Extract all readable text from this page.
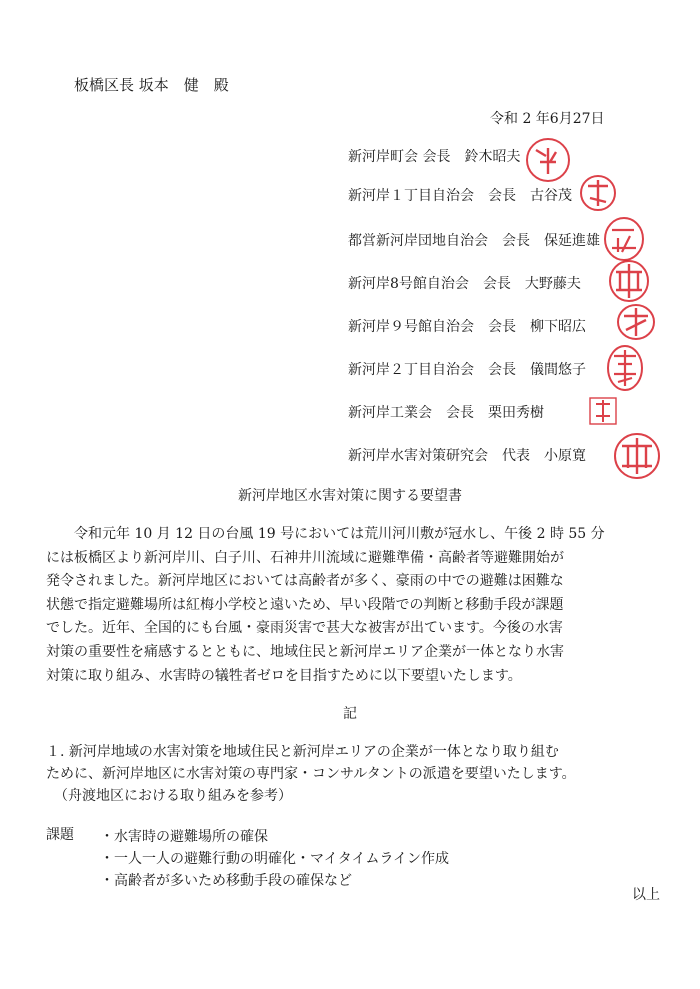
板橋区長 坂本　健　殿
令和 2 年6月27日
新河岸町会 会長　鈴木昭夫
新河岸１丁目自治会　会長　古谷茂
都営新河岸団地自治会　会長　保延進雄
新河岸8号館自治会　会長　大野藤夫
新河岸９号館自治会　会長　柳下昭広
新河岸２丁目自治会　会長　儀間悠子
新河岸工業会　会長　栗田秀樹
新河岸水害対策研究会　代表　小原寛
新河岸地区水害対策に関する要望書
令和元年 10 月 12 日の台風 19 号においては荒川河川敷が冠水し、午後 2 時 55 分
には板橋区より新河岸川、白子川、石神井川流域に避難準備・高齢者等避難開始が
発令されました。新河岸地区においては高齢者が多く、豪雨の中での避難は困難な
状態で指定避難場所は紅梅小学校と遠いため、早い段階での判断と移動手段が課題
でした。近年、全国的にも台風・豪雨災害で甚大な被害が出ています。今後の水害
対策の重要性を痛感するとともに、地域住民と新河岸エリア企業が一体となり水害
対策に取り組み、水害時の犠牲者ゼロを目指すために以下要望いたします。
記
１. 新河岸地域の水害対策を地域住民と新河岸エリアの企業が一体となり取り組む
ために、新河岸地区に水害対策の専門家・コンサルタントの派遣を要望いたします。
（舟渡地区における取り組みを参考）
課題 ・水害時の避難場所の確保
・一人一人の避難行動の明確化・マイタイムライン作成
・高齢者が多いため移動手段の確保など
以上
